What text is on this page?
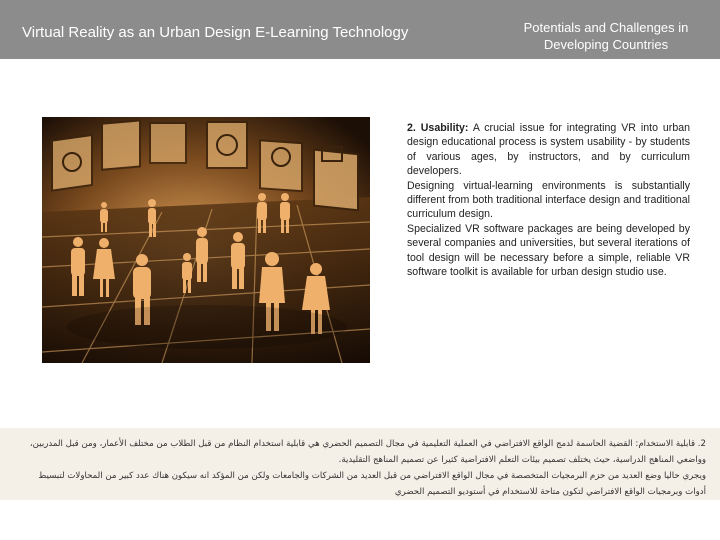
Virtual Reality as an Urban Design E-Learning Technology	Potentials and Challenges in Developing Countries

2. Usability: A crucial issue for integrating VR into urban design educational process is system usability - by students of various ages, by instructors, and by curriculum developers.

Designing virtual-learning environments is substantially different from both traditional interface design and traditional curriculum design.

Specialized VR software packages are being developed by several companies and universities, but several iterations of tool design will be necessary before a simple, reliable VR software toolkit is available for urban design studio use.

2. قابلية الاستخدام: القضية الحاسمة لدمج الواقع الافتراضي في العملية التعليمية في مجال التصميم الحضري هي قابلية استخدام النظام من قبل الطلاب من مختلف الأعمار، ومن قبل المدربين،

وواضعي المناهج الدراسية، حيث يختلف تصميم بيئات التعلم الافتراضية كثيرا عن تصميم المناهج التقليدية.

ويجري حاليا وضع العديد من حزم البرمجيات المتخصصة في مجال الواقع الافتراضي من قبل العديد من الشركات والجامعات ولكن من المؤكد انه سيكون هناك عدد كبير من المحاولات لتبسيط

أدوات وبرمجيات الواقع الافتراضي لتكون متاحة للاستخدام في أستوديو التصميم الحضري
